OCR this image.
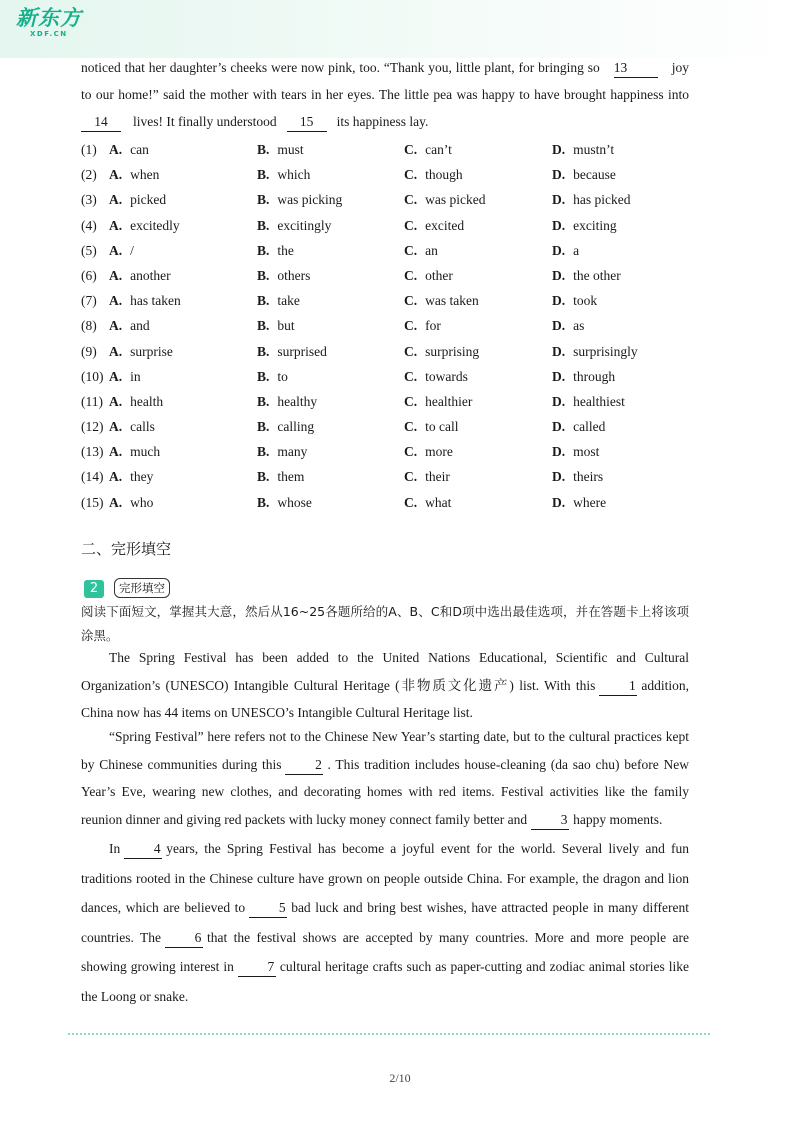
新东方
XDF.CN

noticed that her daughter’s cheeks were now pink, too. “Thank you, little plant, for bringing so 13	joy

to our home!” said the mother with tears in her eyes. The little pea was happy to have brought happiness into

14 lives! It finally understood 15 its happiness lay.

(1) A. can	B. must	C. can’t	D. mustn’t
(2) A. when	B. which	C. though	D. because
(3) A. picked	B. was picking	C. was picked	D. has picked
(4) A. excitedly	B. excitingly	C. excited	D. exciting
(5) A. /	B. the	C. an	D. a
(6) A. another	B. others	C. other	D. the other
(7) A. has taken	B. take	C. was taken	D. took
(8) A. and	B. but	C. for	D. as
(9) A. surprise	B. surprised	C. surprising	D. surprisingly
(10) A. in	B. to	C. towards	D. through
(11) A. health	B. healthy	C. healthier	D. healthiest
(12) A. calls	B. calling	C. to call	D. called
(13) A. much	B. many	C. more	D. most
(14) A. they	B. them	C. their	D. theirs
(15) A. who	B. whose	C. what	D. where
二、完形填空
2	完形填空

阅读下面短文，掌握其大意，然后从16~25各题所给的A、B、C和D项中选出最佳选项，并在答题卡上将该项涂黑。

The Spring Festival has been added to the United Nations Educational, Scientific and Cultural Organization’s (UNESCO) Intangible Cultural Heritage (非物质文化遗产) list. With this 1 addition, China now has 44 items on UNESCO’s Intangible Cultural Heritage list.

“Spring Festival” here refers not to the Chinese New Year’s starting date, but to the cultural practices kept by Chinese communities during this 2 . This tradition includes house-cleaning (da sao chu) before New Year’s Eve, wearing new clothes, and decorating homes with red items. Festival activities like the family reunion dinner and giving red packets with lucky money connect family better and 3 happy moments.

In 4 years, the Spring Festival has become a joyful event for the world. Several lively and fun traditions rooted in the Chinese culture have grown on people outside China. For example, the dragon and lion dances, which are believed to 5 bad luck and bring best wishes, have attracted people in many different countries. The 6 that the festival shows are accepted by many countries. More and more people are showing growing interest in 7 cultural heritage crafts such as paper-cutting and zodiac animal stories like the Loong or snake.

2/10
